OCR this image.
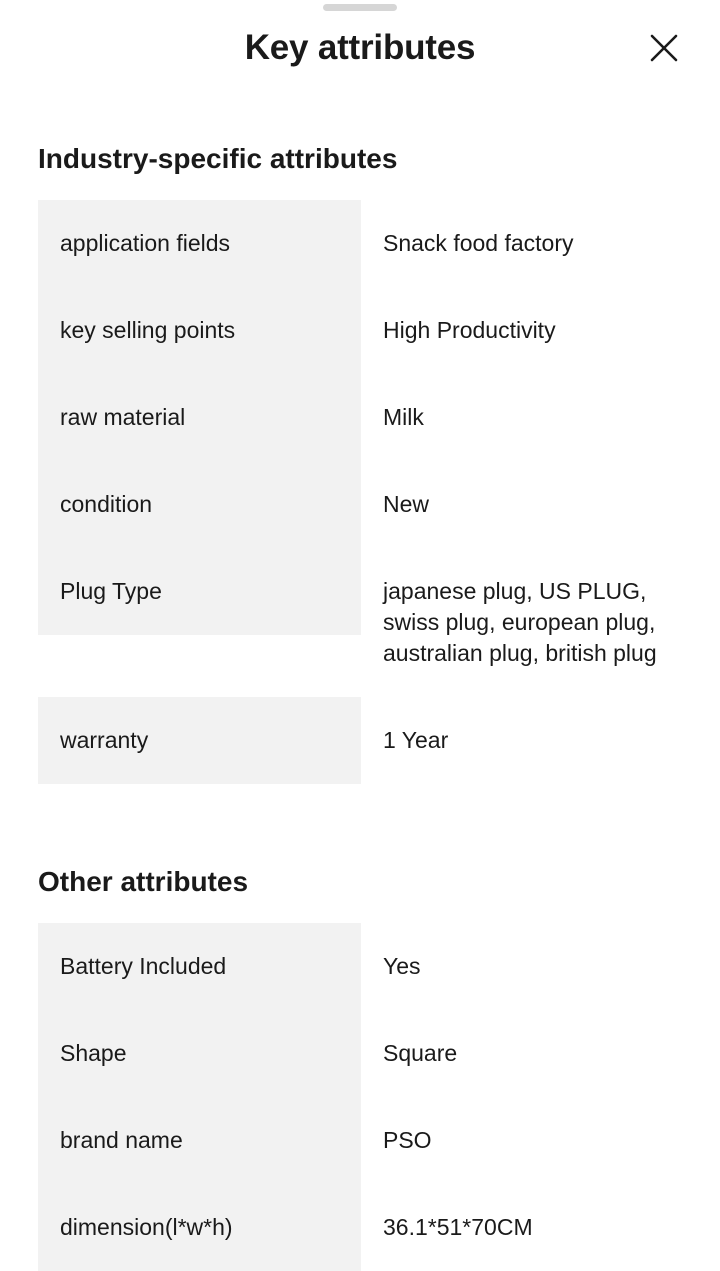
Key attributes
Industry-specific attributes
application fields	Snack food factory
key selling points	High Productivity
raw material	Milk
condition	New
Plug Type	japanese plug, US PLUG, swiss plug, european plug, australian plug, british plug
warranty	1 Year
Other attributes
Battery Included	Yes
Shape	Square
brand name	PSO
dimension(l*w*h)	36.1*51*70CM
